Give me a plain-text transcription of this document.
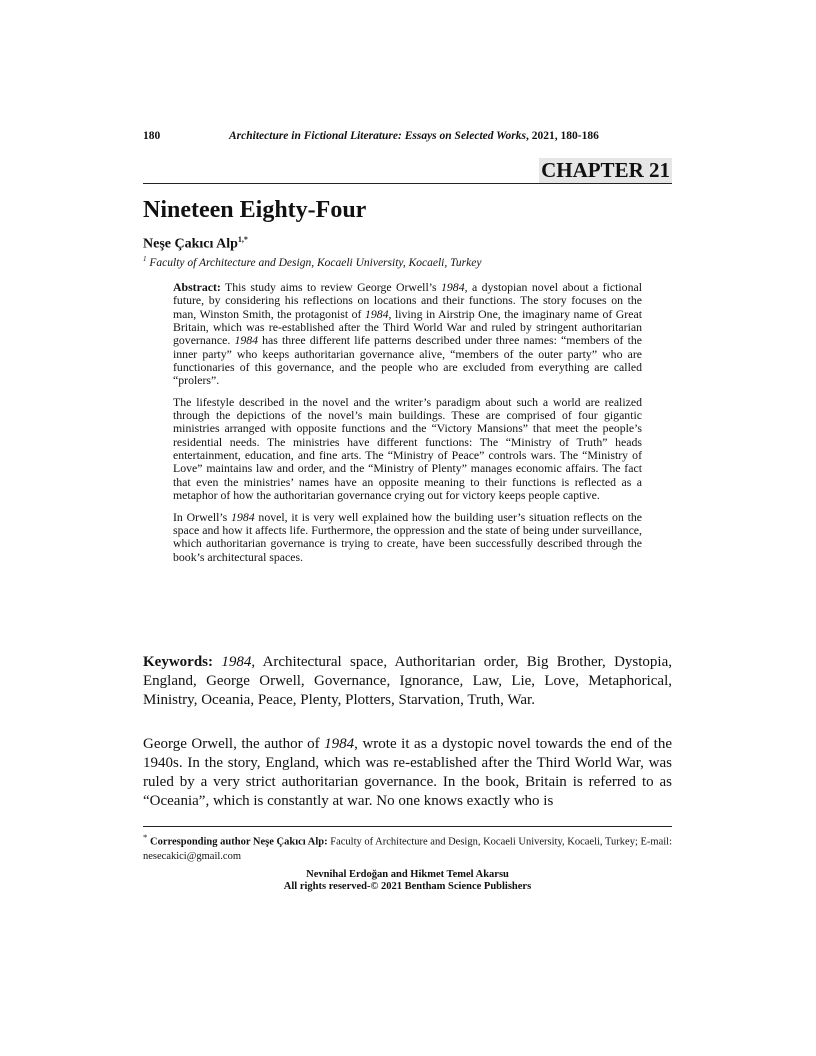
180	Architecture in Fictional Literature: Essays on Selected Works, 2021, 180-186
CHAPTER 21
Nineteen Eighty-Four
Neşe Çakıcı Alp$^{1,*}$
$^1$ Faculty of Architecture and Design, Kocaeli University, Kocaeli, Turkey

Abstract: This study aims to review George Orwell’s 1984, a dystopian novel about a fictional future, by considering his reflections on locations and their functions. The story focuses on the man, Winston Smith, the protagonist of 1984, living in Airstrip One, the imaginary name of Great Britain, which was re-established after the Third World War and ruled by stringent authoritarian governance. 1984 has three different life patterns described under three names: “members of the inner party” who keeps authoritarian governance alive, “members of the outer party” who are functionaries of this governance, and the people who are excluded from everything are called “prolers”.

The lifestyle described in the novel and the writer’s paradigm about such a world are realized through the depictions of the novel’s main buildings. These are comprised of four gigantic ministries arranged with opposite functions and the “Victory Mansions” that meet the people’s residential needs. The ministries have different functions: The “Ministry of Truth” heads entertainment, education, and fine arts. The “Ministry of Peace” controls wars. The “Ministry of Love” maintains law and order, and the “Ministry of Plenty” manages economic affairs. The fact that even the ministries’ names have an opposite meaning to their functions is reflected as a metaphor of how the authoritarian governance crying out for victory keeps people captive.

In Orwell’s 1984 novel, it is very well explained how the building user’s situation reflects on the space and how it affects life. Furthermore, the oppression and the state of being under surveillance, which authoritarian governance is trying to create, have been successfully described through the book’s architectural spaces.

Keywords: 1984, Architectural space, Authoritarian order, Big Brother, Dystopia, England, George Orwell, Governance, Ignorance, Law, Lie, Love, Metaphorical, Ministry, Oceania, Peace, Plenty, Plotters, Starvation, Truth, War.
George Orwell, the author of 1984, wrote it as a dystopic novel towards the end of the 1940s. In the story, England, which was re-established after the Third World War, was ruled by a very strict authoritarian governance. In the book, Britain is referred to as “Oceania”, which is constantly at war. No one knows exactly who is
* Corresponding author Neşe Çakıcı Alp: Faculty of Architecture and Design, Kocaeli University, Kocaeli, Turkey; E-mail: nesecakici@gmail.com
Nevnihal Erdoğan and Hikmet Temel Akarsu
All rights reserved-© 2021 Bentham Science Publishers
